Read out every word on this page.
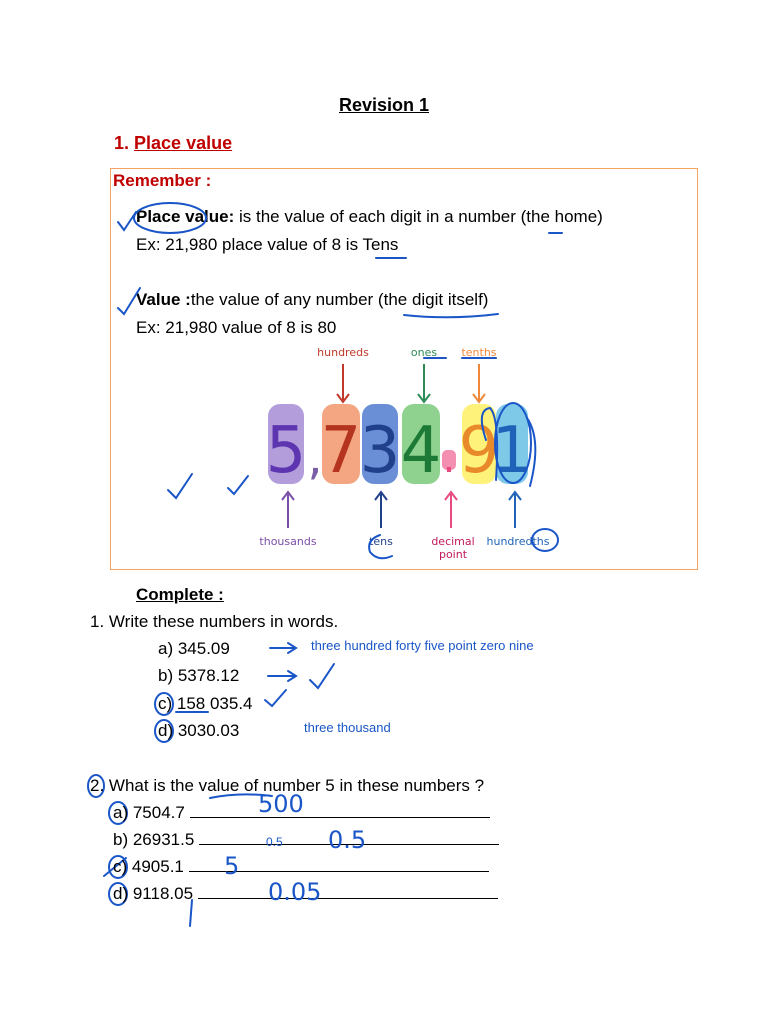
Revision 1
1. Place value
Remember :
Place value: is the value of each digit in a number (the home)
Ex: 21,980 place value of 8 is Tens
Value :the value of any number (the digit itself)
Ex: 21,980 value of 8 is 80
5 ,
7
3 4 . 9
1
hundreds	ones tenths
thousands	tens	decimal
point
hundredths
Complete :
1. Write these numbers in words.
a) 345.09	three hundred forty five point zero nine
b) 5378.12
c) 158 035.4
d) 3030.03	three thousand
2. What is the value of number 5 in these numbers ?
a) 7504.7	500
b) 26931.5	0.5 0.5
c) 4905.1	5
d) 9118.05	0.05
